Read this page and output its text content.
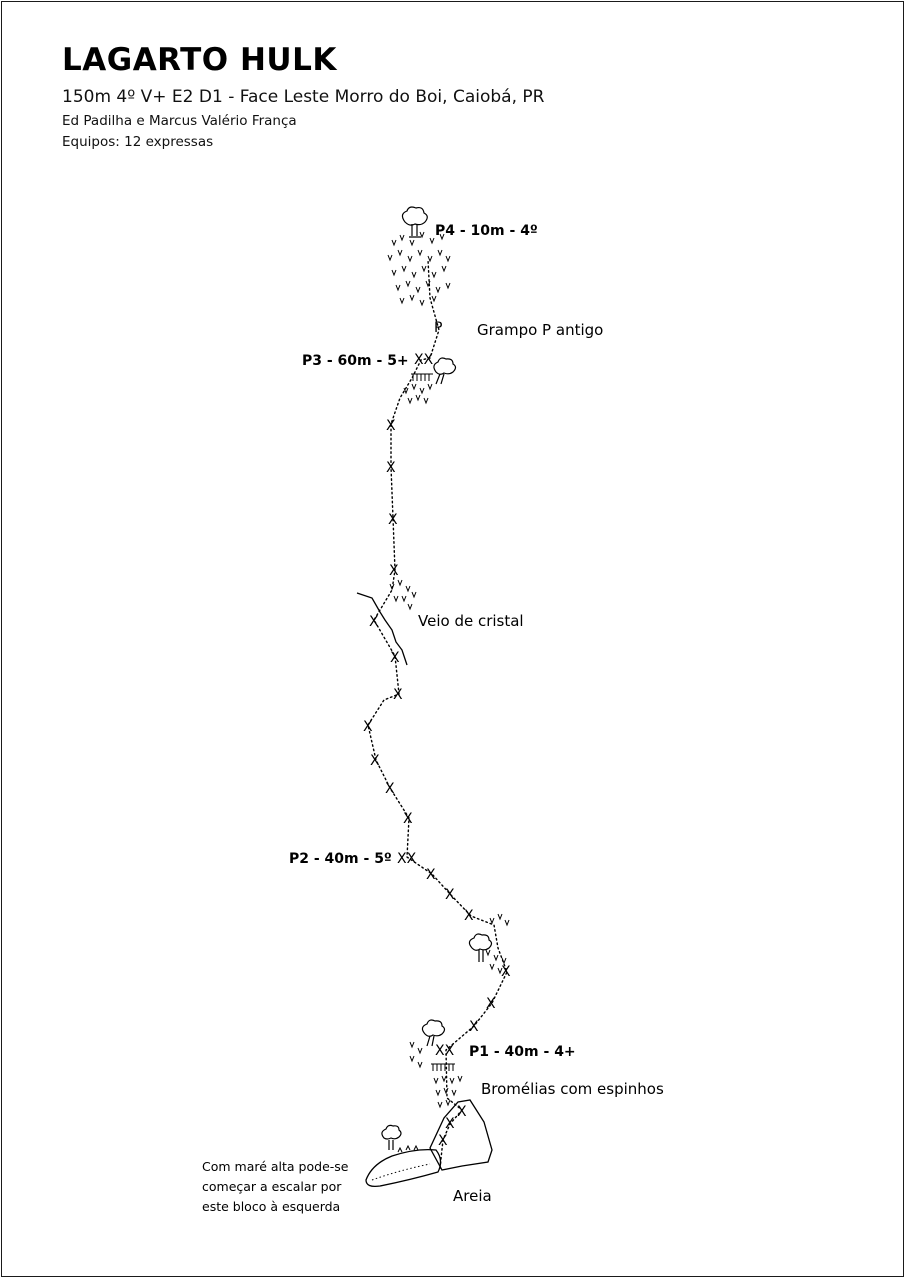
LAGARTO HULK
150m 4º V+ E2 D1 - Face Leste Morro do Boi, Caiobá, PR
Ed Padilha e Marcus Valério França
Equipos: 12 expressas
P
XX
X
X
X
X
X
X
X
X
X
X
X
XX
X
X
X
X
X
X
XX
X
X
X
P4 - 10m - 4º
P3 - 60m - 5+
P2 - 40m - 5º
P1 - 40m - 4+
Grampo P antigo
Veio de cristal
Bromélias com espinhos
Areia
Com maré alta pode-se
começar a escalar por
este bloco à esquerda
